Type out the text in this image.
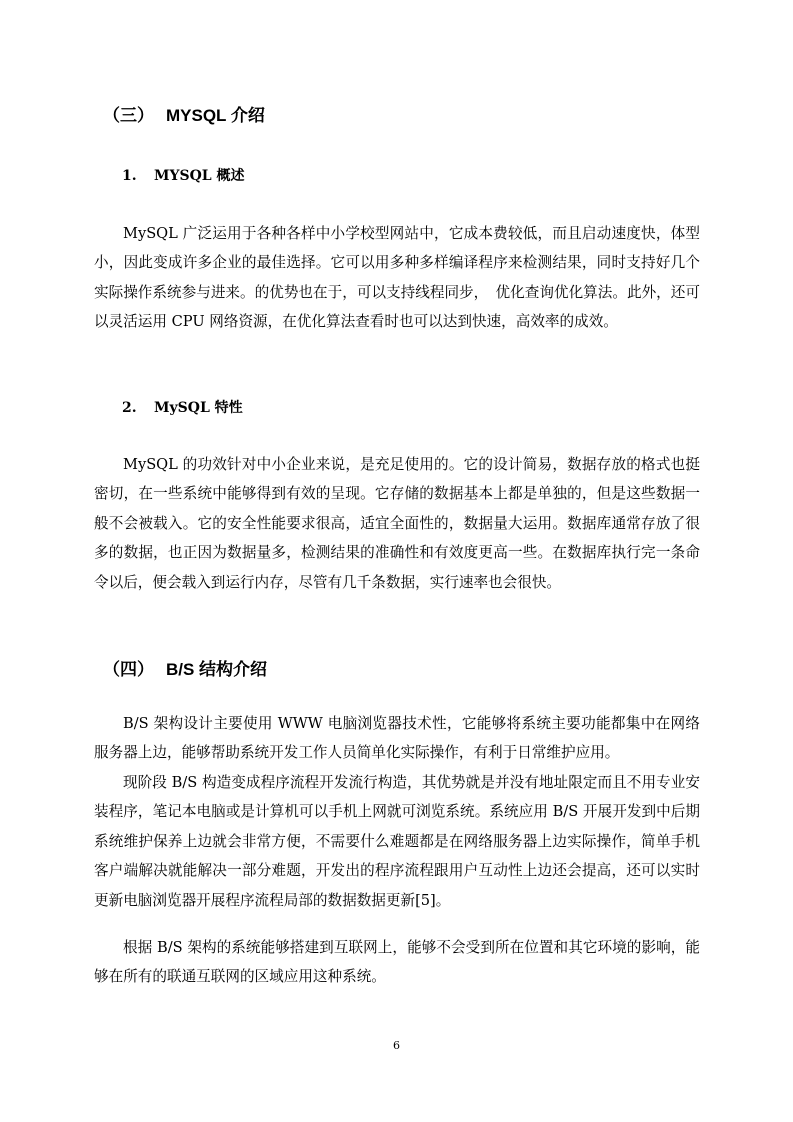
（三） MYSQL 介绍
1. MYSQL 概述

MySQL 广泛运用于各种各样中小学校型网站中，它成本费较低，而且启动速度快，体型小，因此变成许多企业的最佳选择。它可以用多种多样编译程序来检测结果，同时支持好几个实际操作系统参与进来。的优势也在于，可以支持线程同步，　优化查询优化算法。此外，还可以灵活运用 CPU 网络资源，在优化算法查看时也可以达到快速，高效率的成效。

2. MySQL 特性

MySQL 的功效针对中小企业来说，是充足使用的。它的设计简易，数据存放的格式也挺密切，在一些系统中能够得到有效的呈现。它存储的数据基本上都是单独的，但是这些数据一般不会被载入。它的安全性能要求很高，适宜全面性的，数据量大运用。数据库通常存放了很多的数据，也正因为数据量多，检测结果的准确性和有效度更高一些。在数据库执行完一条命令以后，便会载入到运行内存，尽管有几千条数据，实行速率也会很快。

（四） B/S 结构介绍

B/S 架构设计主要使用 WWW 电脑浏览器技术性，它能够将系统主要功能都集中在网络服务器上边，能够帮助系统开发工作人员简单化实际操作，有利于日常维护应用。

现阶段 B/S 构造变成程序流程开发流行构造，其优势就是并没有地址限定而且不用专业安装程序，笔记本电脑或是计算机可以手机上网就可浏览系统。系统应用 B/S 开展开发到中后期系统维护保养上边就会非常方便，不需要什么难题都是在网络服务器上边实际操作，简单手机客户端解决就能解决一部分难题，开发出的程序流程跟用户互动性上边还会提高，还可以实时更新电脑浏览器开展程序流程局部的数据数据更新[5]。

根据 B/S 架构的系统能够搭建到互联网上，能够不会受到所在位置和其它环境的影响，能够在所有的联通互联网的区域应用这种系统。

6
